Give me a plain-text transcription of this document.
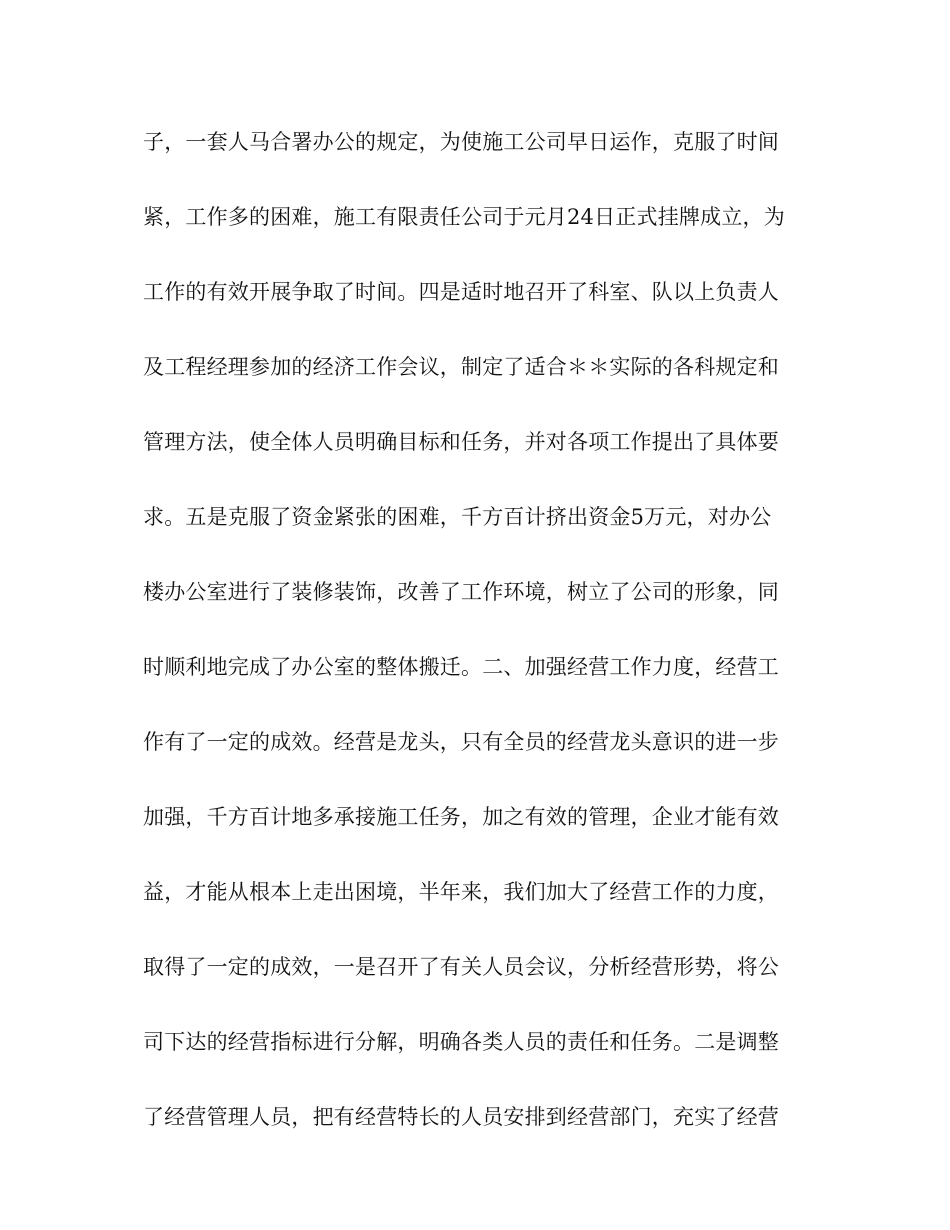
子，一套人马合署办公的规定，为使施工公司早日运作，克服了时间
紧，工作多的困难，施工有限责任公司于元月24日正式挂牌成立，为
工作的有效开展争取了时间。四是适时地召开了科室、队以上负责人
及工程经理参加的经济工作会议，制定了适合＊＊实际的各科规定和
管理方法，使全体人员明确目标和任务，并对各项工作提出了具体要
求。五是克服了资金紧张的困难，千方百计挤出资金5万元，对办公
楼办公室进行了装修装饰，改善了工作环境，树立了公司的形象，同
时顺利地完成了办公室的整体搬迁。二、加强经营工作力度，经营工
作有了一定的成效。经营是龙头，只有全员的经营龙头意识的进一步
加强，千方百计地多承接施工任务，加之有效的管理，企业才能有效
益，才能从根本上走出困境，半年来，我们加大了经营工作的力度，
取得了一定的成效，一是召开了有关人员会议，分析经营形势，将公
司下达的经营指标进行分解，明确各类人员的责任和任务。二是调整
了经营管理人员，把有经营特长的人员安排到经营部门，充实了经营
